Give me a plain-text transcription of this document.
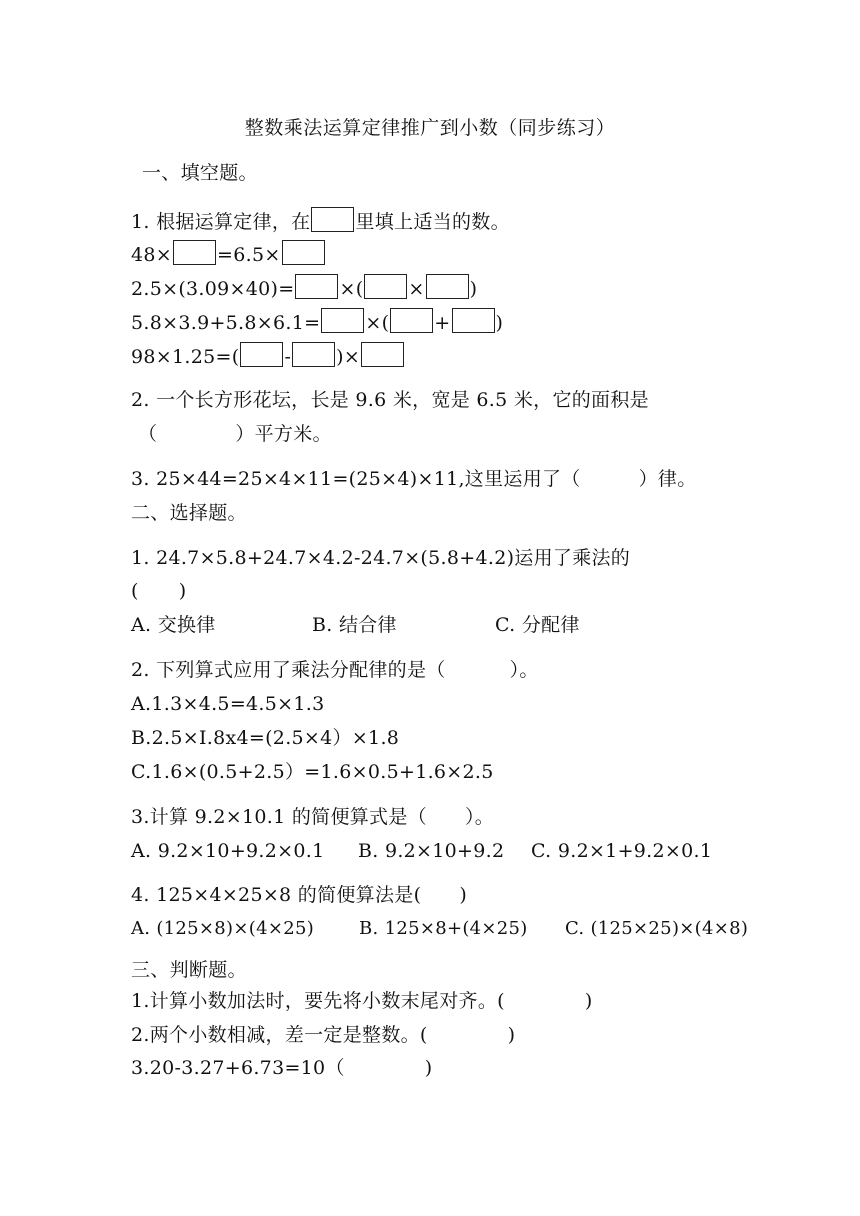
整数乘法运算定律推广到小数（同步练习）
一、填空题。
1. 根据运算定律，在 里填上适当的数。
48× =6.5×
2.5×(3.09×40)= ×( × )
5.8×3.9+5.8×6.1= ×( + )
98×1.25=( - )×
2. 一个长方形花坛，长是 9.6 米，宽是 6.5 米，它的面积是
（	）平方米。
3. 25×44=25×4×11=(25×4)×11,这里运用了（	）律。
二、选择题。
1. 24.7×5.8+24.7×4.2-24.7×(5.8+4.2)运用了乘法的
( )
A. 交换律	B. 结合律	C. 分配律
2. 下列算式应用了乘法分配律的是（	）。
A.1.3×4.5=4.5×1.3
B.2.5×I.8x4=(2.5×4）×1.8
C.1.6×(0.5+2.5）=1.6×0.5+1.6×2.5
3.计算 9.2×10.1 的简便算式是（ ）。
A. 9.2×10+9.2×0.1 B. 9.2×10+9.2 C. 9.2×1+9.2×0.1
4. 125×4×25×8 的简便算法是( )
A. (125×8)×(4×25) B. 125×8+(4×25) C. (125×25)×(4×8)
三、判断题。
1.计算小数加法时，要先将小数末尾对齐。(	)
2.两个小数相减，差一定是整数。(	)
3.20-3.27+6.73=10（	)
